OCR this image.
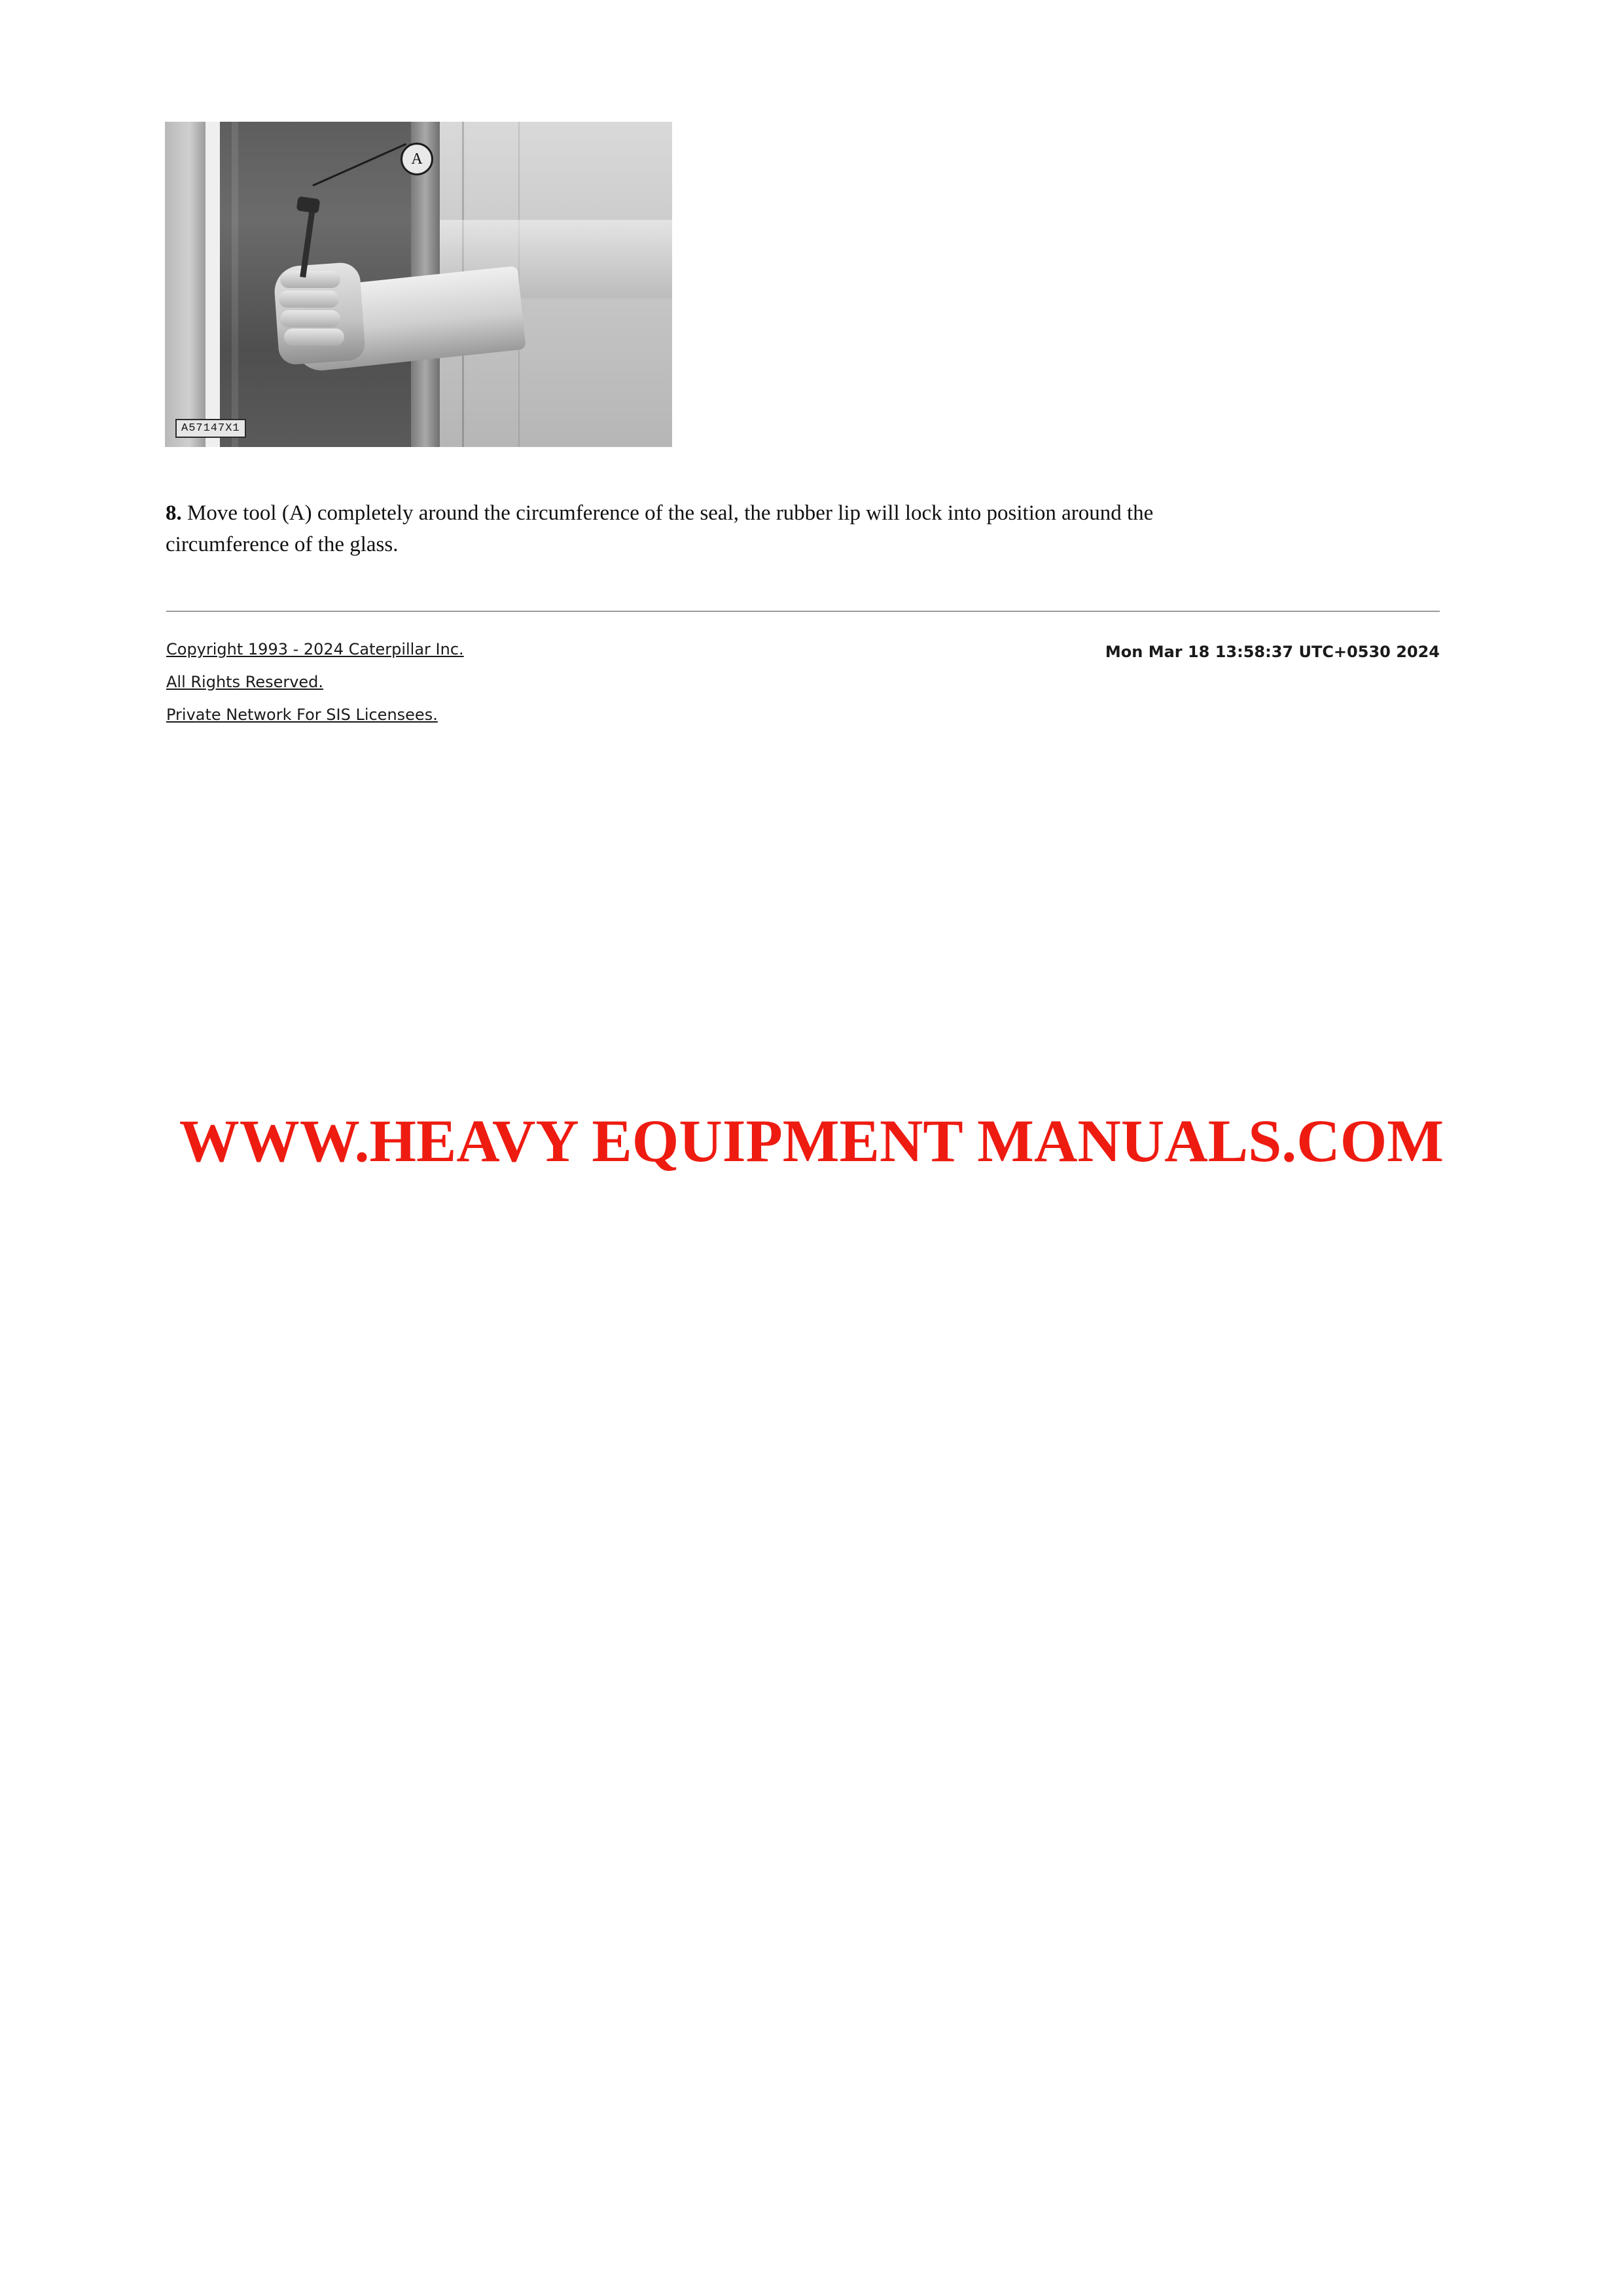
A
A57147X1
8. Move tool (A) completely around the circumference of the seal, the rubber lip will lock into position around the circumference of the glass.
Copyright 1993 - 2024 Caterpillar Inc.
All Rights Reserved.
Private Network For SIS Licensees.
Mon Mar 18 13:58:37 UTC+0530 2024
WWW.HEAVY EQUIPMENT MANUALS.COM
